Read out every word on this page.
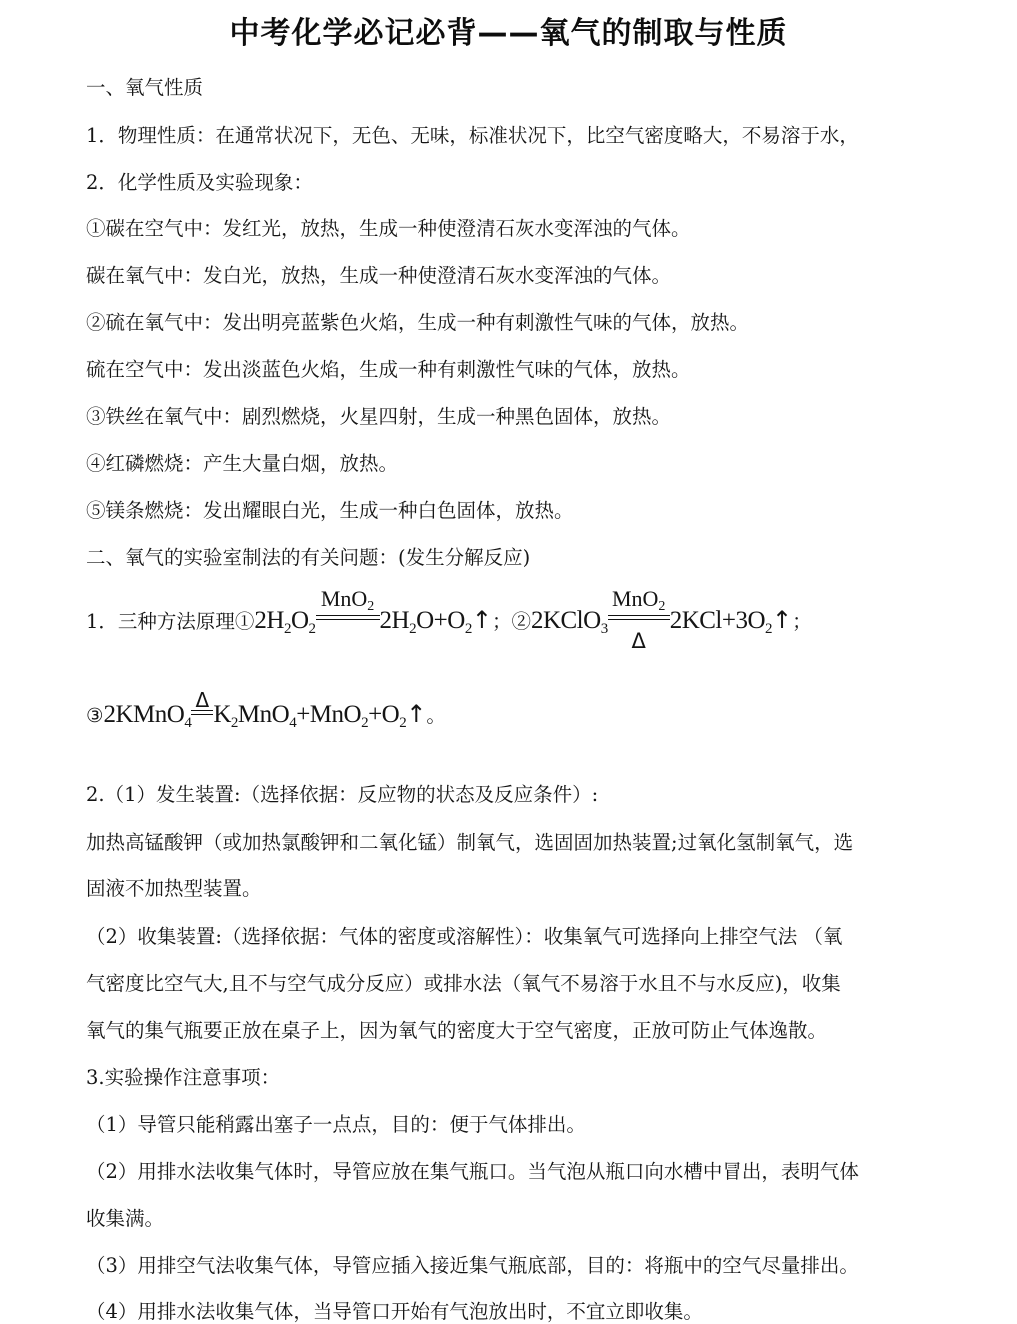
中考化学必记必背——氧气的制取与性质
一、氧气性质
1．物理性质：在通常状况下，无色、无味，标准状况下，比空气密度略大，不易溶于水，
2．化学性质及实验现象：
①碳在空气中：发红光，放热，生成一种使澄清石灰水变浑浊的气体。
碳在氧气中：发白光，放热，生成一种使澄清石灰水变浑浊的气体。
②硫在氧气中：发出明亮蓝紫色火焰，生成一种有刺激性气味的气体，放热。
硫在空气中：发出淡蓝色火焰，生成一种有刺激性气味的气体，放热。
③铁丝在氧气中：剧烈燃烧，火星四射，生成一种黑色固体，放热。
④红磷燃烧：产生大量白烟，放热。
⑤镁条燃烧：发出耀眼白光，生成一种白色固体，放热。
二、氧气的实验室制法的有关问题：(发生分解反应)
1．三种方法原理$①2H_2O_2$
MnO$_2$
$2H_2O+O_2↑$；②2KClO$_3$
MnO$_2$
Δ
$2KCl+3O_2↑$；
③2KMnO$_4$
Δ
$K_2MnO_4+MnO_2+O_2↑$。
2.（1）发生装置:（选择依据：反应物的状态及反应条件）:
加热高锰酸钾（或加热氯酸钾和二氧化锰）制氧气，选固固加热装置;过氧化氢制氧气，选
固液不加热型装置。
（2）收集装置:（选择依据：气体的密度或溶解性）：收集氧气可选择向上排空气法 （氧
气密度比空气大,且不与空气成分反应）或排水法（氧气不易溶于水且不与水反应)，收集
氧气的集气瓶要正放在桌子上，因为氧气的密度大于空气密度，正放可防止气体逸散。
3.实验操作注意事项：
（1）导管只能稍露出塞子一点点，目的：便于气体排出。
（2）用排水法收集气体时，导管应放在集气瓶口。当气泡从瓶口向水槽中冒出，表明气体
收集满。
（3）用排空气法收集气体，导管应插入接近集气瓶底部，目的：将瓶中的空气尽量排出。
（4）用排水法收集气体，当导管口开始有气泡放出时，不宜立即收集。
